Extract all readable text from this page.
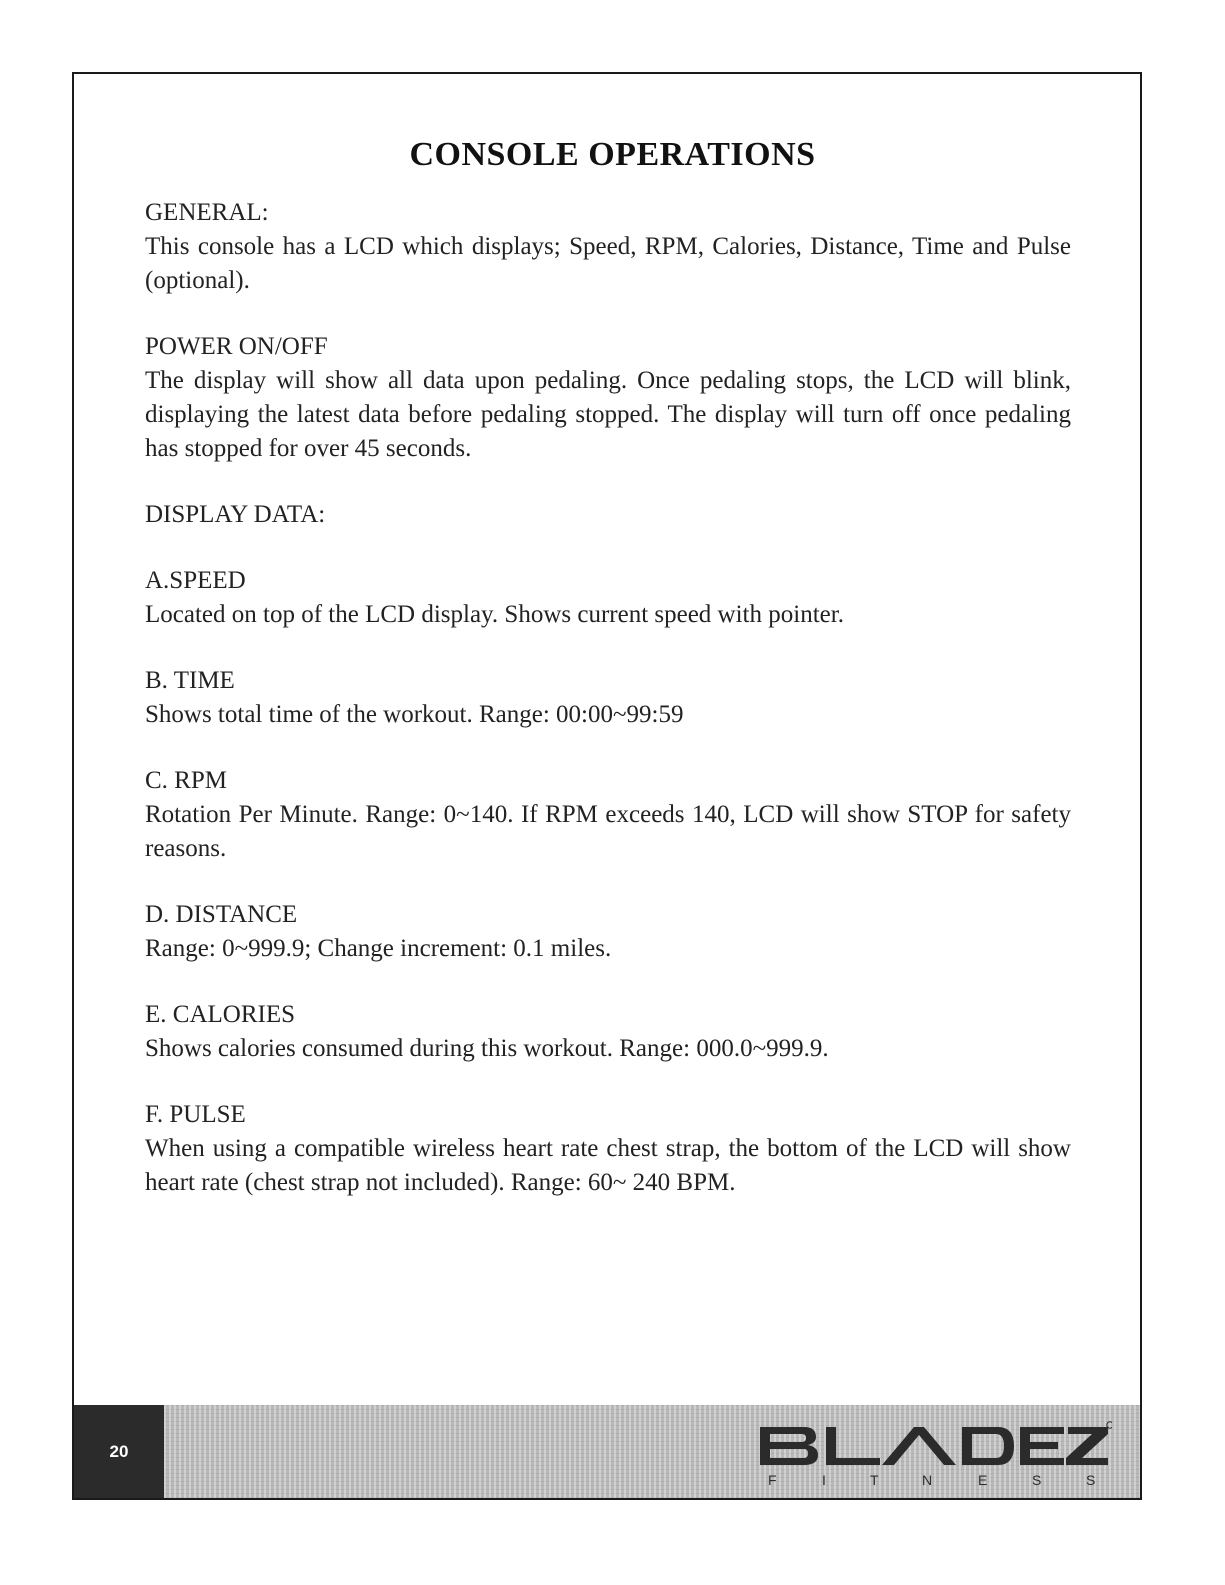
CONSOLE OPERATIONS
GENERAL:
This console has a LCD which displays; Speed, RPM, Calories, Distance, Time and Pulse (optional).
POWER ON/OFF
The display will show all data upon pedaling. Once pedaling stops, the LCD will blink, displaying the latest data before pedaling stopped. The display will turn off once pedaling has stopped for over 45 seconds.
DISPLAY DATA:
A.SPEED
Located on top of the LCD display. Shows current speed with pointer.
B. TIME
Shows total time of the workout. Range: 00:00~99:59
C. RPM
Rotation Per Minute. Range: 0~140. If RPM exceeds 140, LCD will show STOP for safety reasons.
D. DISTANCE
Range: 0~999.9; Change increment: 0.1 miles.
E. CALORIES
Shows calories consumed during this workout. Range: 000.0~999.9.
F. PULSE
When using a compatible wireless heart rate chest strap, the bottom of the LCD will show heart rate (chest strap not included). Range: 60~ 240 BPM.
20
F	I	T	N	E	S	S
